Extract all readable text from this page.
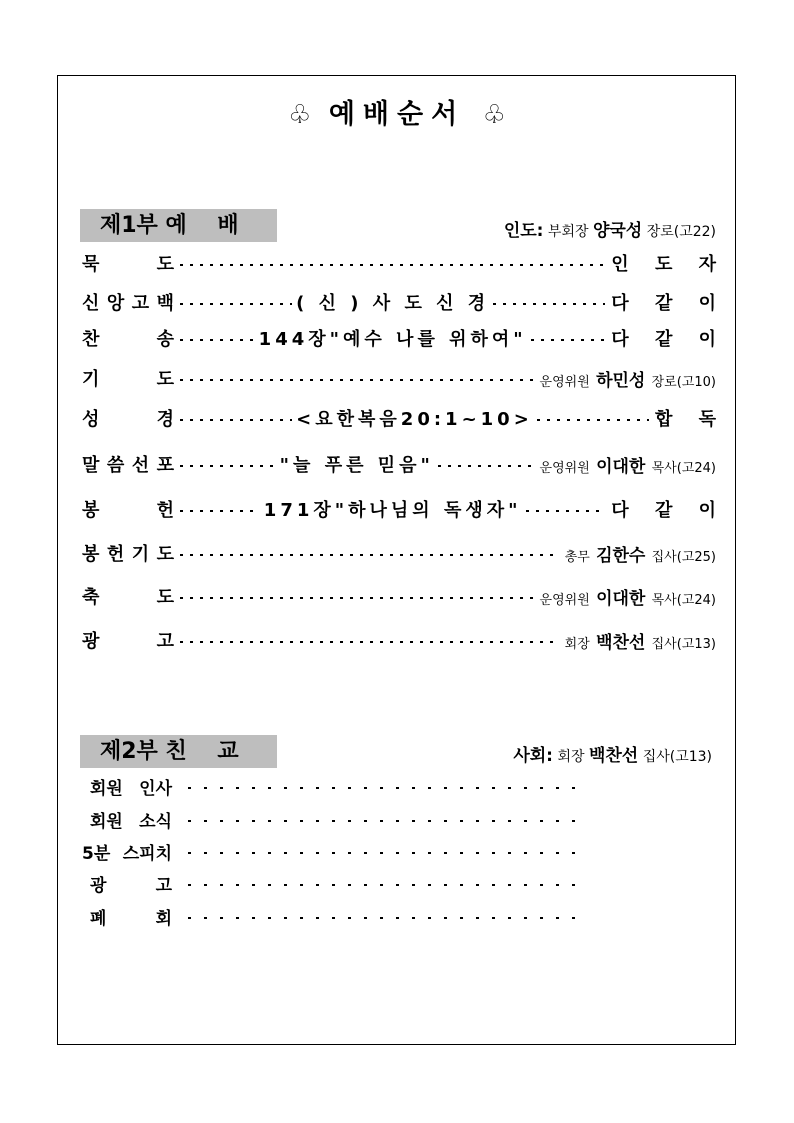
♧ 예배순서 ♧
제1부 예    배	인도: 부회장 양국성 장로(고22)
묵	도	인 도 자
신 앙 고 백	( 신 ) 사 도 신 경	다 같 이
찬	송	144장"예수 나를 위하여"	다 같 이
기	도	운영위원 하민성 장로(고10)
성	경	<요한복음20:1~10>	합 독
말 씀 선 포	"늘 푸른 믿음"	운영위원 이대한 목사(고24)
봉	헌	171장"하나님의 독생자"	다 같 이
봉 헌 기 도	총무 김한수 집사(고25)
축	도	운영위원 이대한 목사(고24)
광	고	회장 백찬선 집사(고13)
제2부 친    교	사회: 회장 백찬선 집사(고13)
회원 인사
회원 소식
5분 스피치
광	고
폐	회
